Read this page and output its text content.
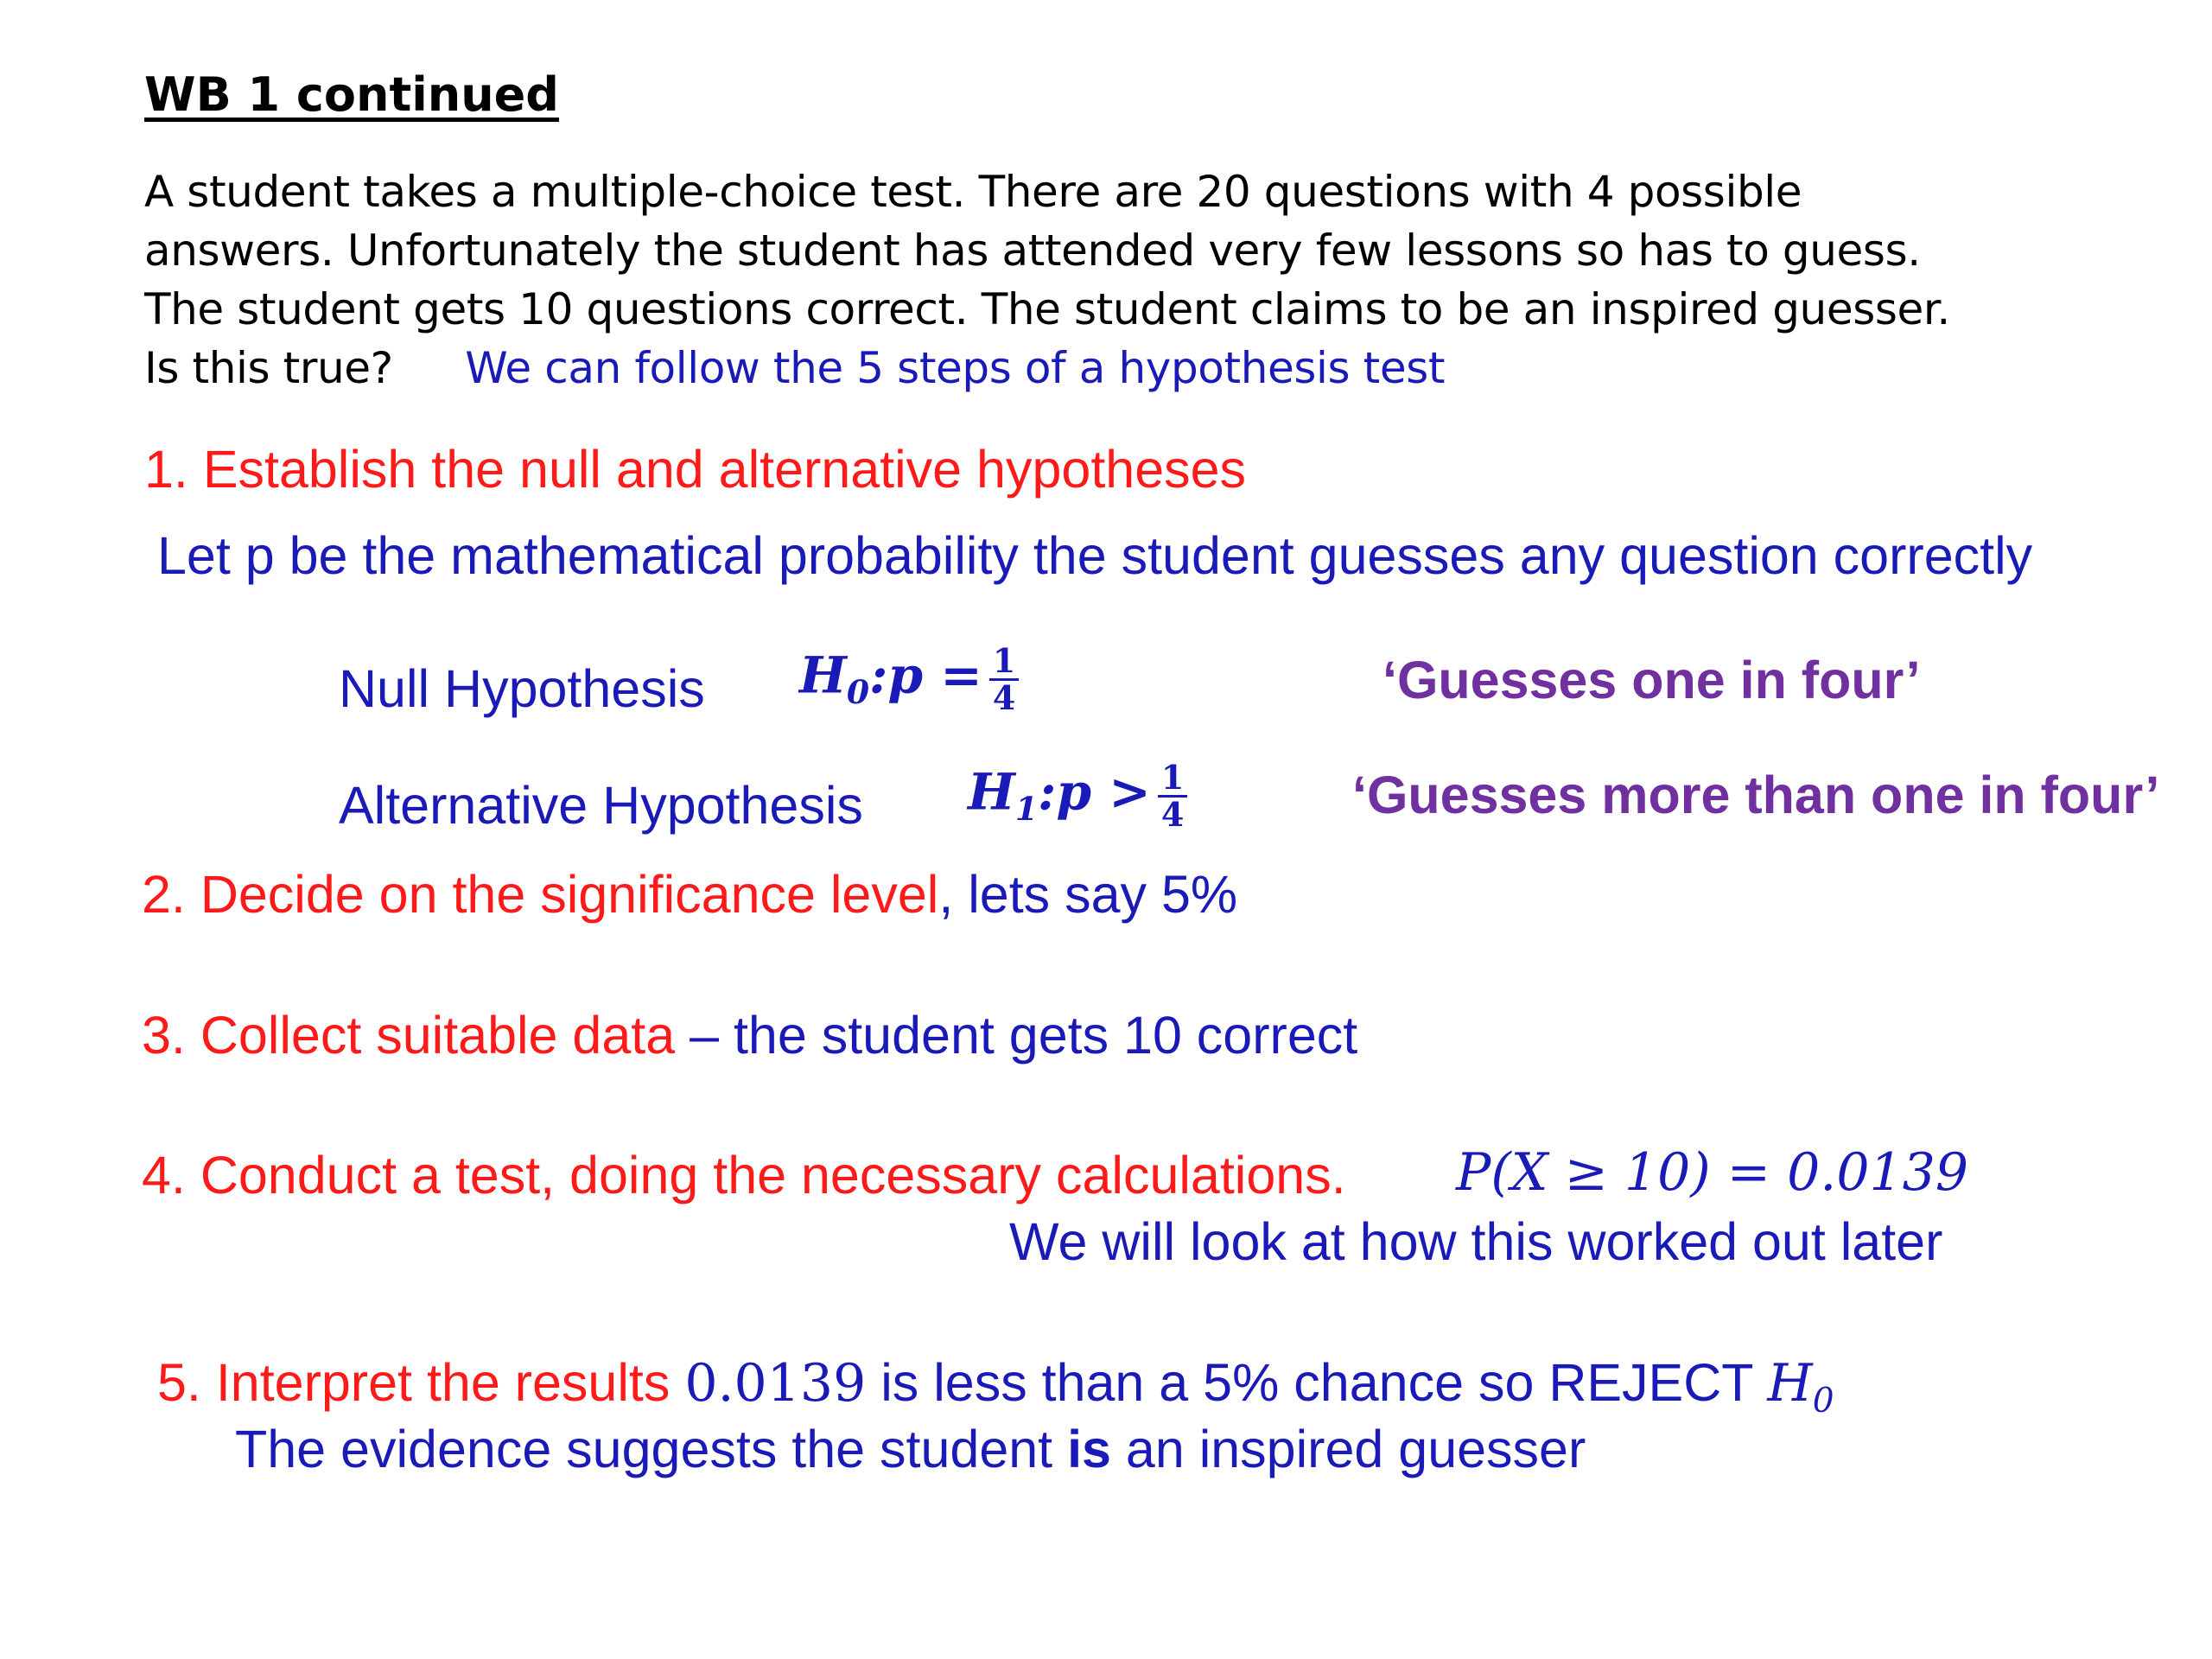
WB 1 continued
A student takes a multiple-choice test. There are 20 questions with 4 possible
answers. Unfortunately the student has attended very few lessons so has to guess.
The student gets 10 questions correct. The student claims to be an inspired guesser.
Is this true? We can follow the 5 steps of a hypothesis test
1. Establish the null and alternative hypotheses
Let p be the mathematical probability the student guesses any question correctly
Null Hypothesis $H_0:p = \frac{1}{4}$	‘Guesses one in four’
Alternative Hypothesis $H_1:p > \frac{1}{4}$	‘Guesses more than one in four’
2. Decide on the significance level, lets say 5%
3. Collect suitable data – the student gets 10 correct
4. Conduct a test, doing the necessary calculations. P(X ≥ 10) = 0.0139
We will look at how this worked out later
5. Interpret the results 0.0139 is less than a 5% chance so REJECT $H_0$
The evidence suggests the student is an inspired guesser
